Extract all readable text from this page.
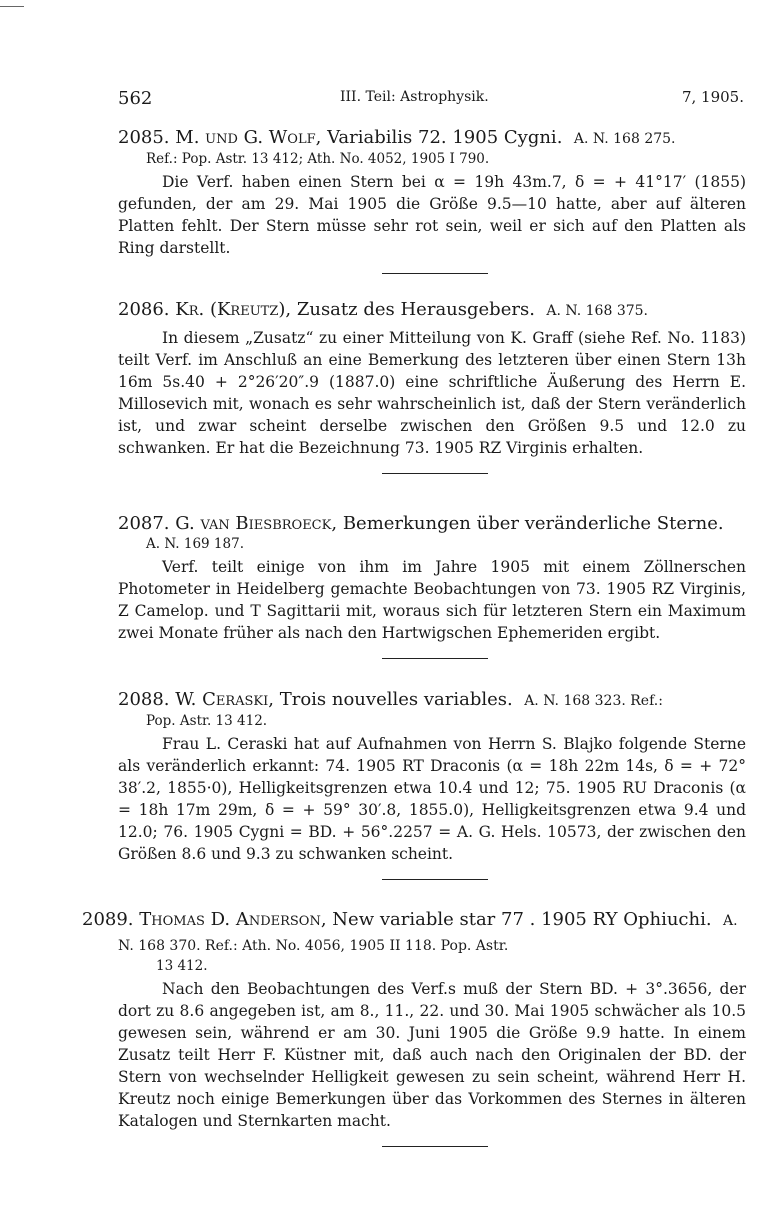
562	III. Teil: Astrophysik.	7, 1905.
2085. M. und G. Wolf, Variabilis 72. 1905 Cygni. A. N. 168 275.
Ref.: Pop. Astr. 13 412; Ath. No. 4052, 1905 I 790.

Die Verf. haben einen Stern bei α = 19h 43m.7, δ = + 41°17′ (1855) gefunden, der am 29. Mai 1905 die Größe 9.5—10 hatte, aber auf älteren Platten fehlt. Der Stern müsse sehr rot sein, weil er sich auf den Platten als Ring darstellt.

2086. Kr. (Kreutz), Zusatz des Herausgebers. A. N. 168 375.

In diesem „Zusatz“ zu einer Mitteilung von K. Graff (siehe Ref. No. 1183) teilt Verf. im Anschluß an eine Bemerkung des letzteren über einen Stern 13h 16m 5s.40 + 2°26′20″.9 (1887.0) eine schriftliche Äußerung des Herrn E. Millosevich mit, wonach es sehr wahrscheinlich ist, daß der Stern veränderlich ist, und zwar scheint derselbe zwischen den Größen 9.5 und 12.0 zu schwanken. Er hat die Bezeichnung 73. 1905 RZ Virginis erhalten.

2087. G. van Biesbroeck, Bemerkungen über veränderliche Sterne.
A. N. 169 187.

Verf. teilt einige von ihm im Jahre 1905 mit einem Zöllnerschen Photometer in Heidelberg gemachte Beobachtungen von 73. 1905 RZ Virginis, Z Camelop. und T Sagittarii mit, woraus sich für letzteren Stern ein Maximum zwei Monate früher als nach den Hartwigschen Ephemeriden ergibt.

2088. W. Ceraski, Trois nouvelles variables. A. N. 168 323. Ref.:
Pop. Astr. 13 412.

Frau L. Ceraski hat auf Aufnahmen von Herrn S. Blajko folgende Sterne als veränderlich erkannt: 74. 1905 RT Draconis (α = 18h 22m 14s, δ = + 72° 38′.2, 1855·0), Helligkeitsgrenzen etwa 10.4 und 12; 75. 1905 RU Draconis (α = 18h 17m 29m, δ = + 59° 30′.8, 1855.0), Helligkeitsgrenzen etwa 9.4 und 12.0; 76. 1905 Cygni = BD. + 56°.2257 = A. G. Hels. 10573, der zwischen den Größen 8.6 und 9.3 zu schwanken scheint.

2089. Thomas D. Anderson, New variable star 77 . 1905 RY Ophiuchi. A. N. 168 370. Ref.: Ath. No. 4056, 1905 II 118. Pop. Astr.
13 412.

Nach den Beobachtungen des Verf.s muß der Stern BD. + 3°.3656, der dort zu 8.6 angegeben ist, am 8., 11., 22. und 30. Mai 1905 schwächer als 10.5 gewesen sein, während er am 30. Juni 1905 die Größe 9.9 hatte. In einem Zusatz teilt Herr F. Küstner mit, daß auch nach den Originalen der BD. der Stern von wechselnder Helligkeit gewesen zu sein scheint, während Herr H. Kreutz noch einige Bemerkungen über das Vorkommen des Sternes in älteren Katalogen und Sternkarten macht.
